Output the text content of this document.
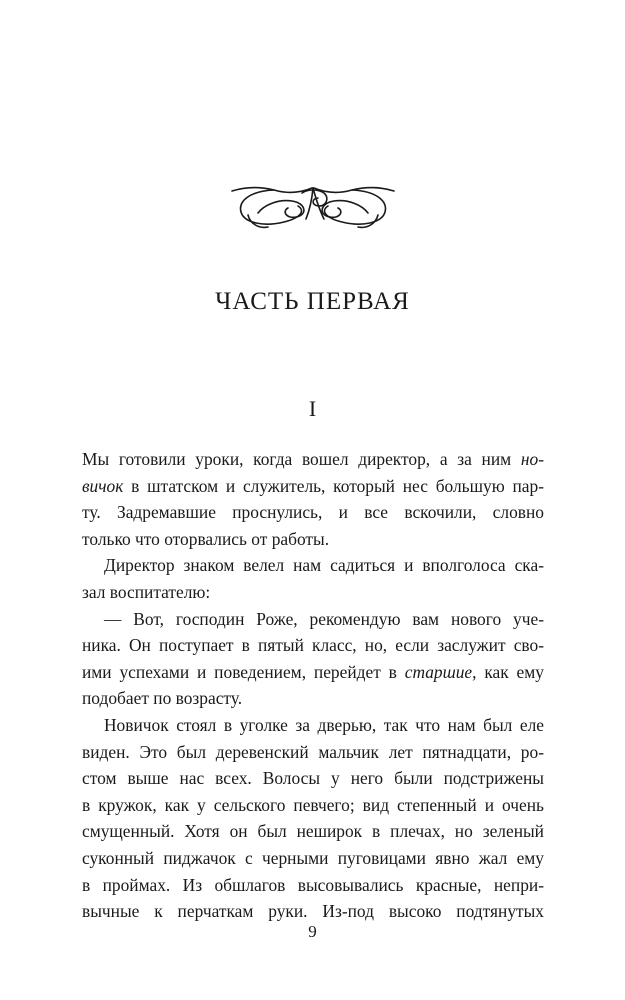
ЧАСТЬ ПЕРВАЯ
I
Мы готовили уроки, когда вошел директор, а за ним но-
вичок в штатском и служитель, который нес большую пар-
ту. Задремавшие проснулись, и все вскочили, словно
только что оторвались от работы.
Директор знаком велел нам садиться и вполголоса ска-
зал воспитателю:
— Вот, господин Роже, рекомендую вам нового уче-
ника. Он поступает в пятый класс, но, если заслужит сво-
ими успехами и поведением, перейдет в старшие, как ему
подобает по возрасту.
Новичок стоял в уголке за дверью, так что нам был еле
виден. Это был деревенский мальчик лет пятнадцати, ро-
стом выше нас всех. Волосы у него были подстрижены
в кружок, как у сельского певчего; вид степенный и очень
смущенный. Хотя он был неширок в плечах, но зеленый
суконный пиджачок с черными пуговицами явно жал ему
в проймах. Из обшлагов высовывались красные, непри-
вычные к перчаткам руки. Из-под высоко подтянутых
9
